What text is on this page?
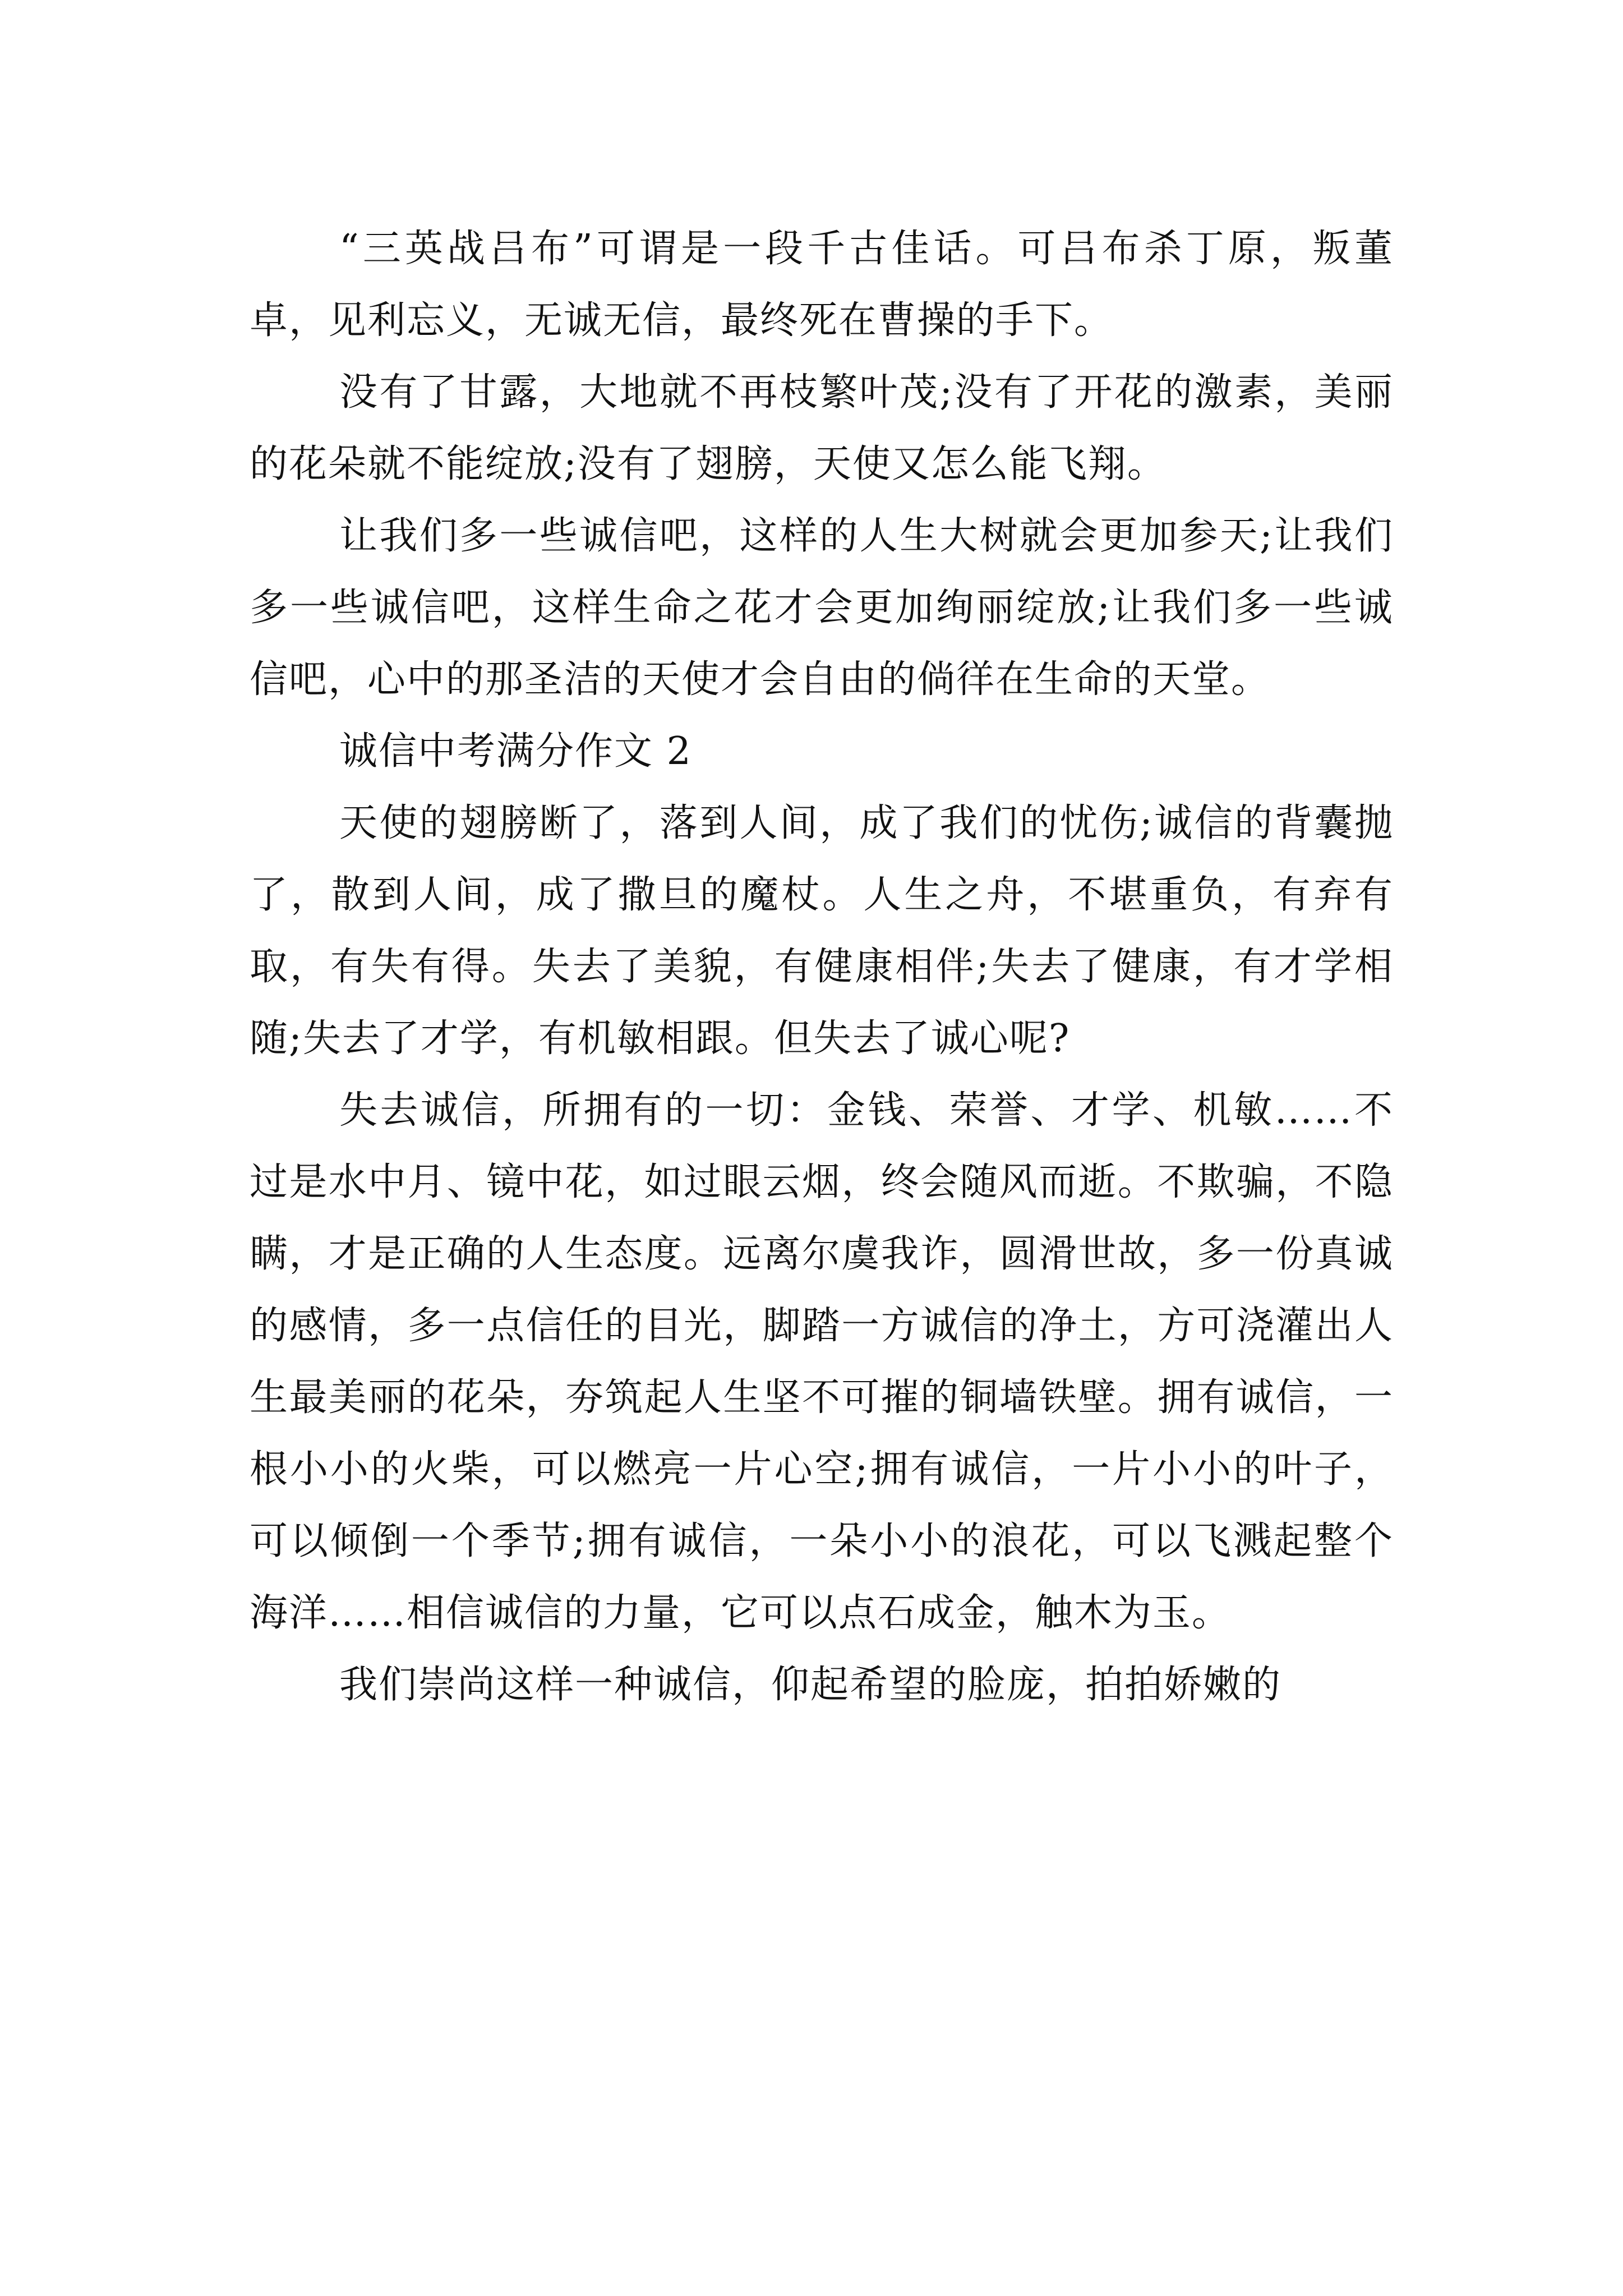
“三英战吕布”可谓是一段千古佳话。可吕布杀丁原，叛董卓，见利忘义，无诚无信，最终死在曹操的手下。

没有了甘露，大地就不再枝繁叶茂;没有了开花的激素，美丽的花朵就不能绽放;没有了翅膀，天使又怎么能飞翔。

让我们多一些诚信吧，这样的人生大树就会更加参天;让我们多一些诚信吧，这样生命之花才会更加绚丽绽放;让我们多一些诚信吧，心中的那圣洁的天使才会自由的倘徉在生命的天堂。

诚信中考满分作文 2

天使的翅膀断了，落到人间，成了我们的忧伤;诚信的背囊抛了，散到人间，成了撒旦的魔杖。人生之舟，不堪重负，有弃有取，有失有得。失去了美貌，有健康相伴;失去了健康，有才学相随;失去了才学，有机敏相跟。但失去了诚心呢?

失去诚信，所拥有的一切：金钱、荣誉、才学、机敏……不过是水中月、镜中花，如过眼云烟，终会随风而逝。不欺骗，不隐瞒，才是正确的人生态度。远离尔虞我诈，圆滑世故，多一份真诚的感情，多一点信任的目光，脚踏一方诚信的净土，方可浇灌出人生最美丽的花朵，夯筑起人生坚不可摧的铜墙铁壁。拥有诚信，一根小小的火柴，可以燃亮一片心空;拥有诚信，一片小小的叶子，可以倾倒一个季节;拥有诚信，一朵小小的浪花，可以飞溅起整个海洋……相信诚信的力量，它可以点石成金，触木为玉。

我们崇尚这样一种诚信，仰起希望的脸庞，拍拍娇嫩的
